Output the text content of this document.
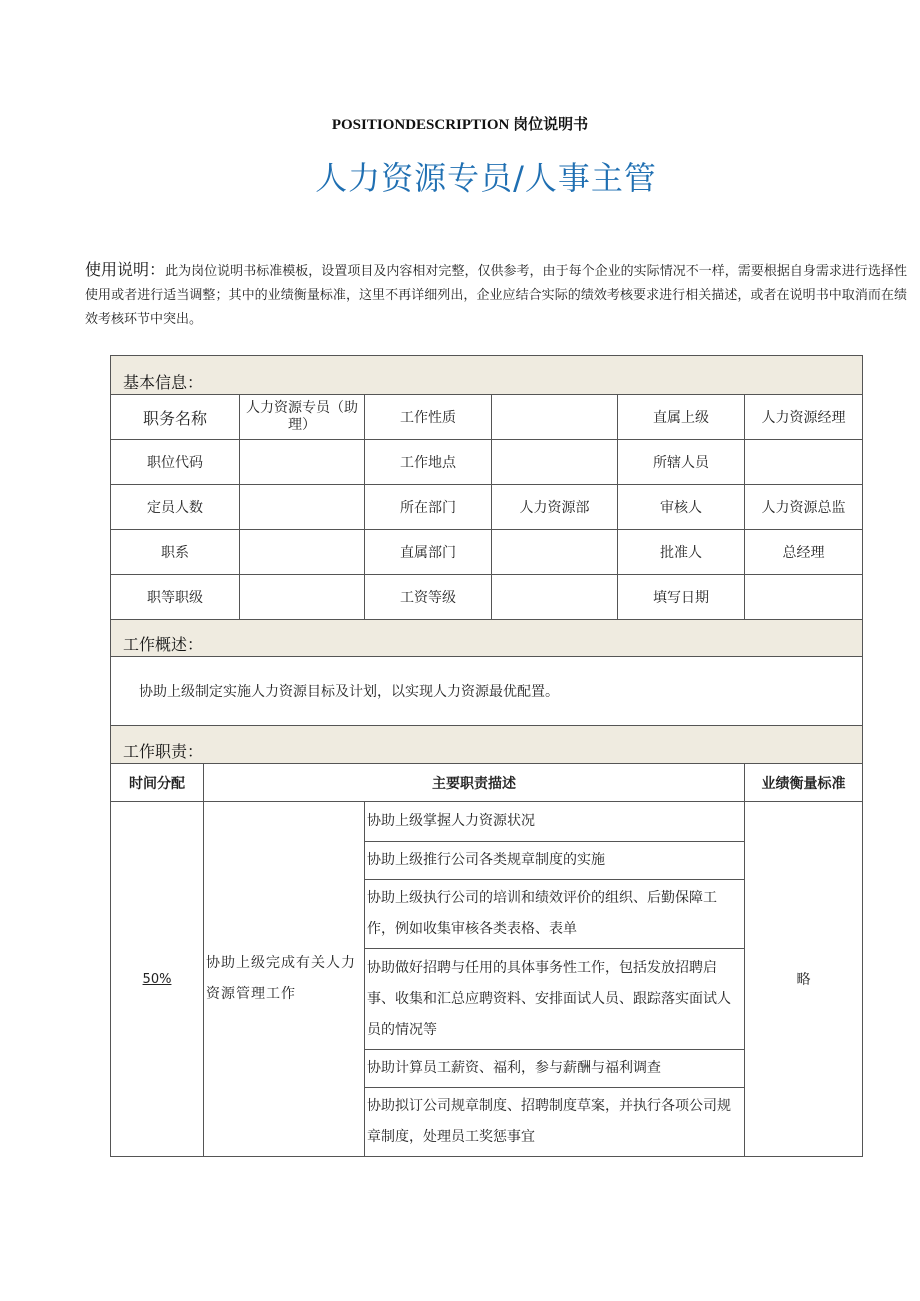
POSITIONDESCRIPTION 岗位说明书
人力资源专员/人事主管
使用说明：此为岗位说明书标准模板，设置项目及内容相对完整，仅供参考，由于每个企业的实际情况不一样，需要根据自身需求进行选择性使用或者进行适当调整；其中的业绩衡量标准，这里不再详细列出，企业应结合实际的绩效考核要求进行相关描述，或者在说明书中取消而在绩效考核环节中突出。
基本信息：						
职务名称		人力资源专员（助理）	工作性质		直属上级	人力资源经理
职位代码			工作地点		所辖人员	
定员人数			所在部门	人力资源部	审核人	人力资源总监
职系			直属部门		批准人	总经理
职等职级			工资等级		填写日期	
工作概述：						
协助上级制定实施人力资源目标及计划，以实现人力资源最优配置。						
工作职责：						
时间分配	主要职责描述					业绩衡量标准
50%	协助上级完成有关人力资源管理工作		协助上级掌握人力资源状况			略
			协助上级推行公司各类规章制度的实施			
			协助上级执行公司的培训和绩效评价的组织、后勤保障工作，例如收集审核各类表格、表单			
			协助做好招聘与任用的具体事务性工作，包括发放招聘启事、收集和汇总应聘资料、安排面试人员、跟踪落实面试人员的情况等			
			协助计算员工薪资、福利，参与薪酬与福利调查			
			协助拟订公司规章制度、招聘制度草案，并执行各项公司规章制度，处理员工奖惩事宜			
